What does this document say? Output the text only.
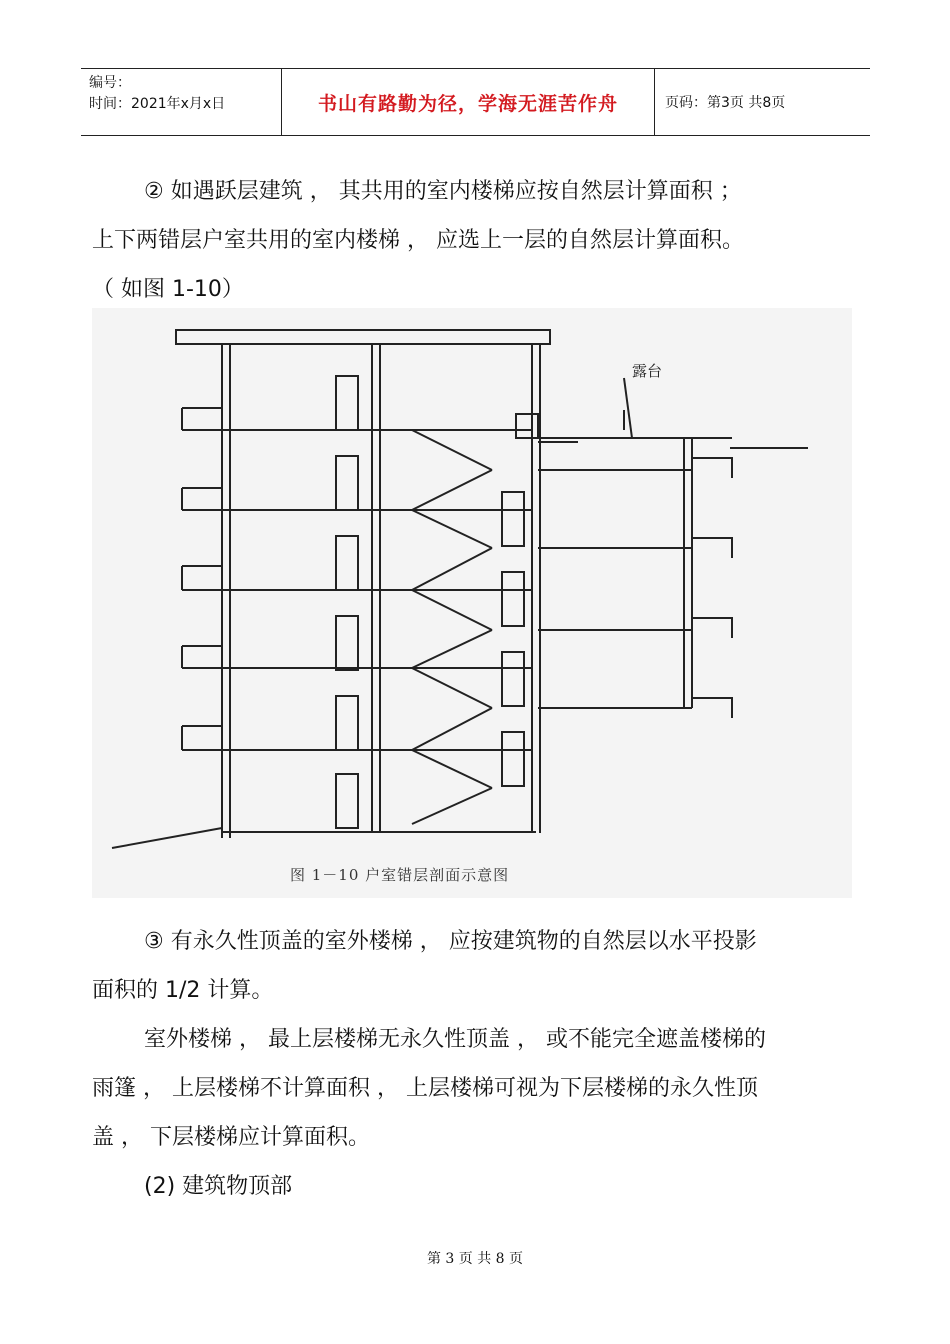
编号：
时间：2021年x月x日	书山有路勤为径，学海无涯苦作舟	页码：第3页 共8页

② 如遇跃层建筑 ， 其共用的室内楼梯应按自然层计算面积 ；

上下两错层户室共用的室内楼梯 ， 应选上一层的自然层计算面积。

（ 如图 1-10）

露台
图 1－10 户室错层剖面示意图

③ 有永久性顶盖的室外楼梯 ， 应按建筑物的自然层以水平投影

面积的 1/2 计算。

室外楼梯 ， 最上层楼梯无永久性顶盖 ， 或不能完全遮盖楼梯的

雨篷 ， 上层楼梯不计算面积 ， 上层楼梯可视为下层楼梯的永久性顶

盖 ， 下层楼梯应计算面积。

(2) 建筑物顶部

第 3 页 共 8 页
